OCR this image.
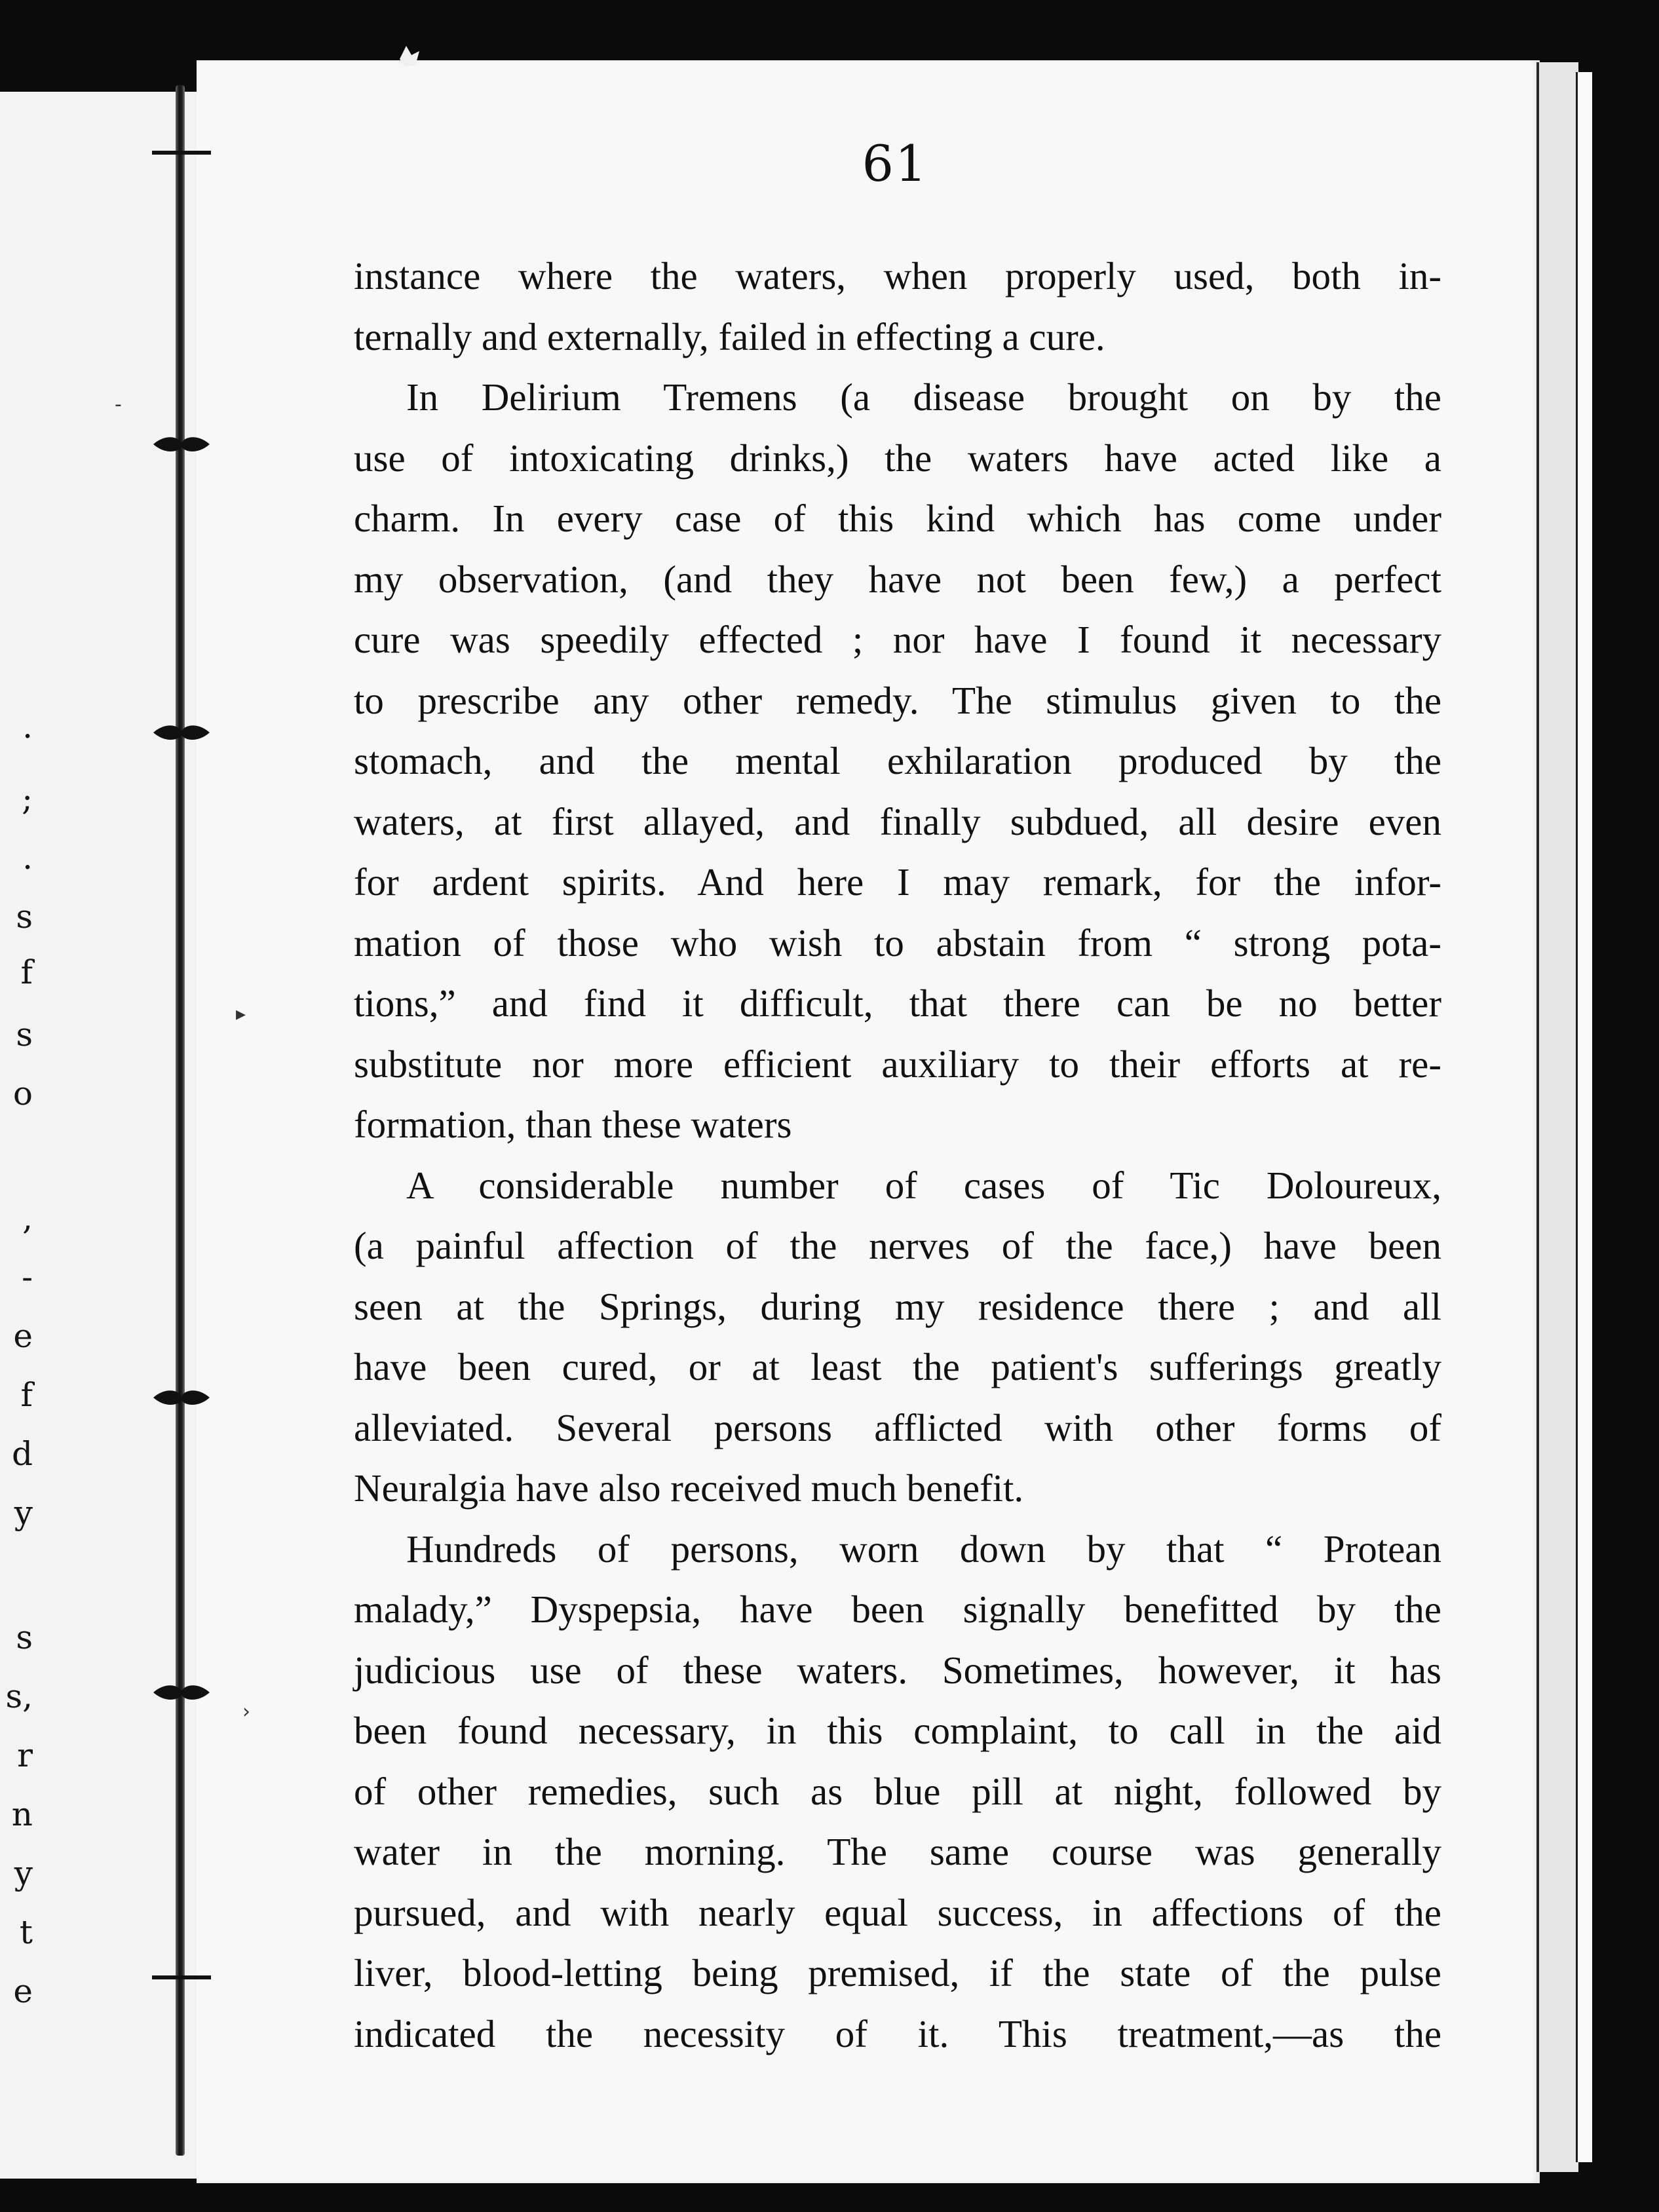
.
;
.
s
f
s
o
,
-
e
f
d
y
s
s,
r
n
y
t
e
61
instance where the waters, when properly used, both in-
ternally and externally, failed in effecting a cure.
In Delirium Tremens (a disease brought on by the
use of intoxicating drinks,) the waters have acted like a
charm. In every case of this kind which has come under
my observation, (and they have not been few,) a perfect
cure was speedily effected ; nor have I found it necessary
to prescribe any other remedy. The stimulus given to the
stomach, and the mental exhilaration produced by the
waters, at first allayed, and finally subdued, all desire even
for ardent spirits. And here I may remark, for the infor-
mation of those who wish to abstain from “ strong pota-
tions,” and find it difficult, that there can be no better
substitute nor more efficient auxiliary to their efforts at re-
formation, than these waters
A considerable number of cases of Tic Doloureux,
(a painful affection of the nerves of the face,) have been
seen at the Springs, during my residence there ; and all
have been cured, or at least the patient's sufferings greatly
alleviated. Several persons afflicted with other forms of
Neuralgia have also received much benefit.
Hundreds of persons, worn down by that “ Protean
malady,” Dyspepsia, have been signally benefitted by the
judicious use of these waters. Sometimes, however, it has
been found necessary, in this complaint, to call in the aid
of other remedies, such as blue pill at night, followed by
water in the morning. The same course was generally
pursued, and with nearly equal success, in affections of the
liver, blood-letting being premised, if the state of the pulse
indicated the necessity of it. This treatment,—as the
-
▸
›
